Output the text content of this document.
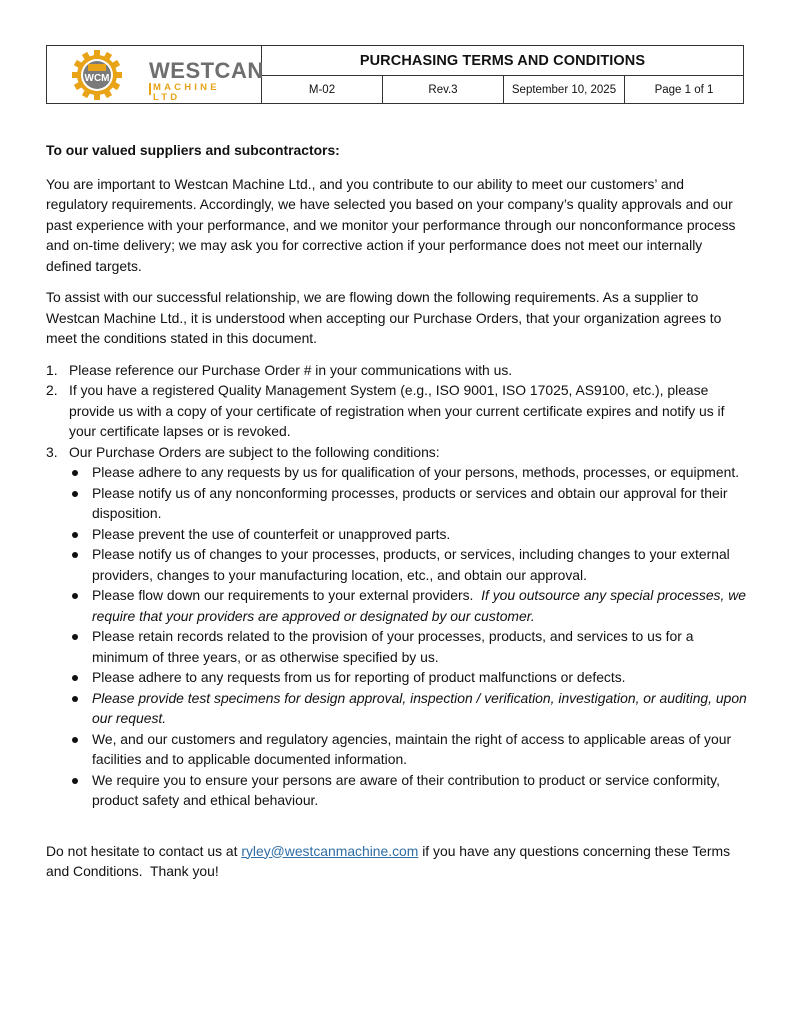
WCM WESTCAN
MACHINE LTD
PURCHASING TERMS AND CONDITIONS
M-02	Rev.3	September 10, 2025	Page 1 of 1

To our valued suppliers and subcontractors:

You are important to Westcan Machine Ltd., and you contribute to our ability to meet our customers’ and regulatory requirements. Accordingly, we have selected you based on your company’s quality approvals and our past experience with your performance, and we monitor your performance through our nonconformance process and on-time delivery; we may ask you for corrective action if your performance does not meet our internally defined targets.

To assist with our successful relationship, we are flowing down the following requirements. As a supplier to Westcan Machine Ltd., it is understood when accepting our Purchase Orders, that your organization agrees to meet the conditions stated in this document.

1. Please reference our Purchase Order # in your communications with us.
2. If you have a registered Quality Management System (e.g., ISO 9001, ISO 17025, AS9100, etc.), please provide us with a copy of your certificate of registration when your current certificate expires and notify us if your certificate lapses or is revoked.
3. Our Purchase Orders are subject to the following conditions:
Please adhere to any requests by us for qualification of your persons, methods, processes, or equipment.
Please notify us of any nonconforming processes, products or services and obtain our approval for their disposition.
Please prevent the use of counterfeit or unapproved parts.
Please notify us of changes to your processes, products, or services, including changes to your external providers, changes to your manufacturing location, etc., and obtain our approval.
Please flow down our requirements to your external providers.  If you outsource any special processes, we require that your providers are approved or designated by our customer.
Please retain records related to the provision of your processes, products, and services to us for a minimum of three years, or as otherwise specified by us.
Please adhere to any requests from us for reporting of product malfunctions or defects.
Please provide test specimens for design approval, inspection / verification, investigation, or auditing, upon our request.
We, and our customers and regulatory agencies, maintain the right of access to applicable areas of your facilities and to applicable documented information.
We require you to ensure your persons are aware of their contribution to product or service conformity, product safety and ethical behaviour.

Do not hesitate to contact us at ryley@westcanmachine.com if you have any questions concerning these Terms and Conditions.  Thank you!
